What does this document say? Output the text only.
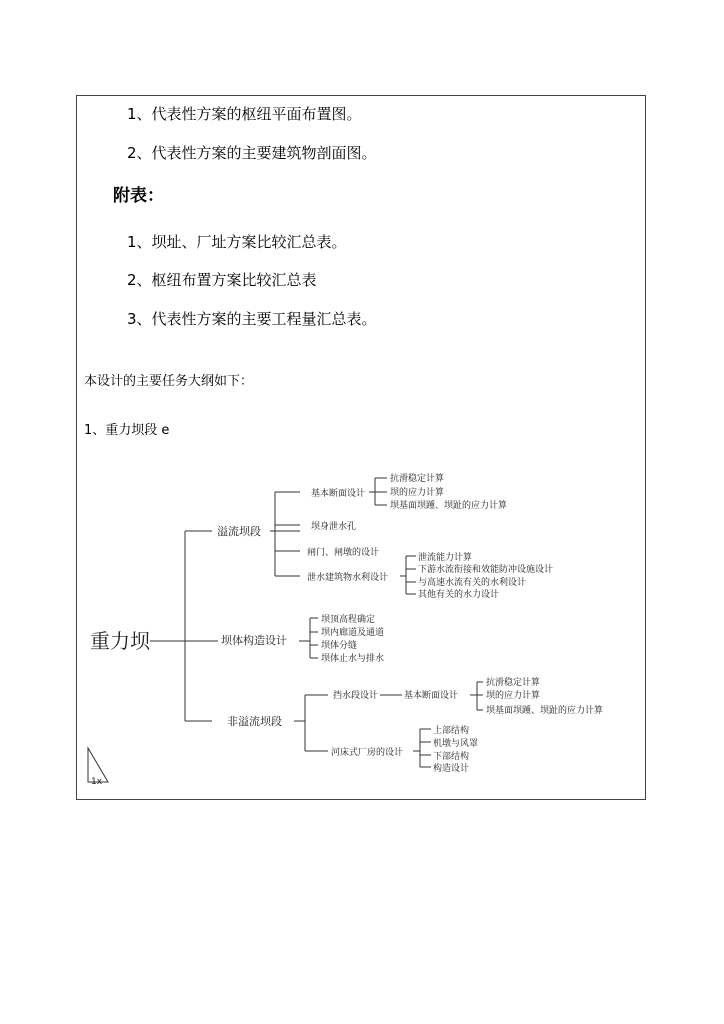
1、代表性方案的枢纽平面布置图。
2、代表性方案的主要建筑物剖面图。
附表：
1、坝址、厂址方案比较汇总表。
2、枢纽布置方案比较汇总表
3、代表性方案的主要工程量汇总表。
本设计的主要任务大纲如下：
1、重力坝段 e
重力坝
溢流坝段
坝体构造设计
非溢流坝段
基本断面设计
坝身泄水孔
闸门、闸墩的设计
泄水建筑物水利设计
抗滑稳定计算
坝的应力计算
坝基面坝踵、坝趾的应力计算
泄流能力计算
下游水流衔接和效能防冲设施设计
与高速水流有关的水利设计
其他有关的水力设计
坝顶高程确定
坝内廊道及通道
坝体分缝
坝体止水与排水
挡水段设计	基本断面设计
抗滑稳定计算
坝的应力计算
坝基面坝踵、坝趾的应力计算
河床式厂房的设计
上部结构
机墩与风罩
下部结构
构造设计
1x
